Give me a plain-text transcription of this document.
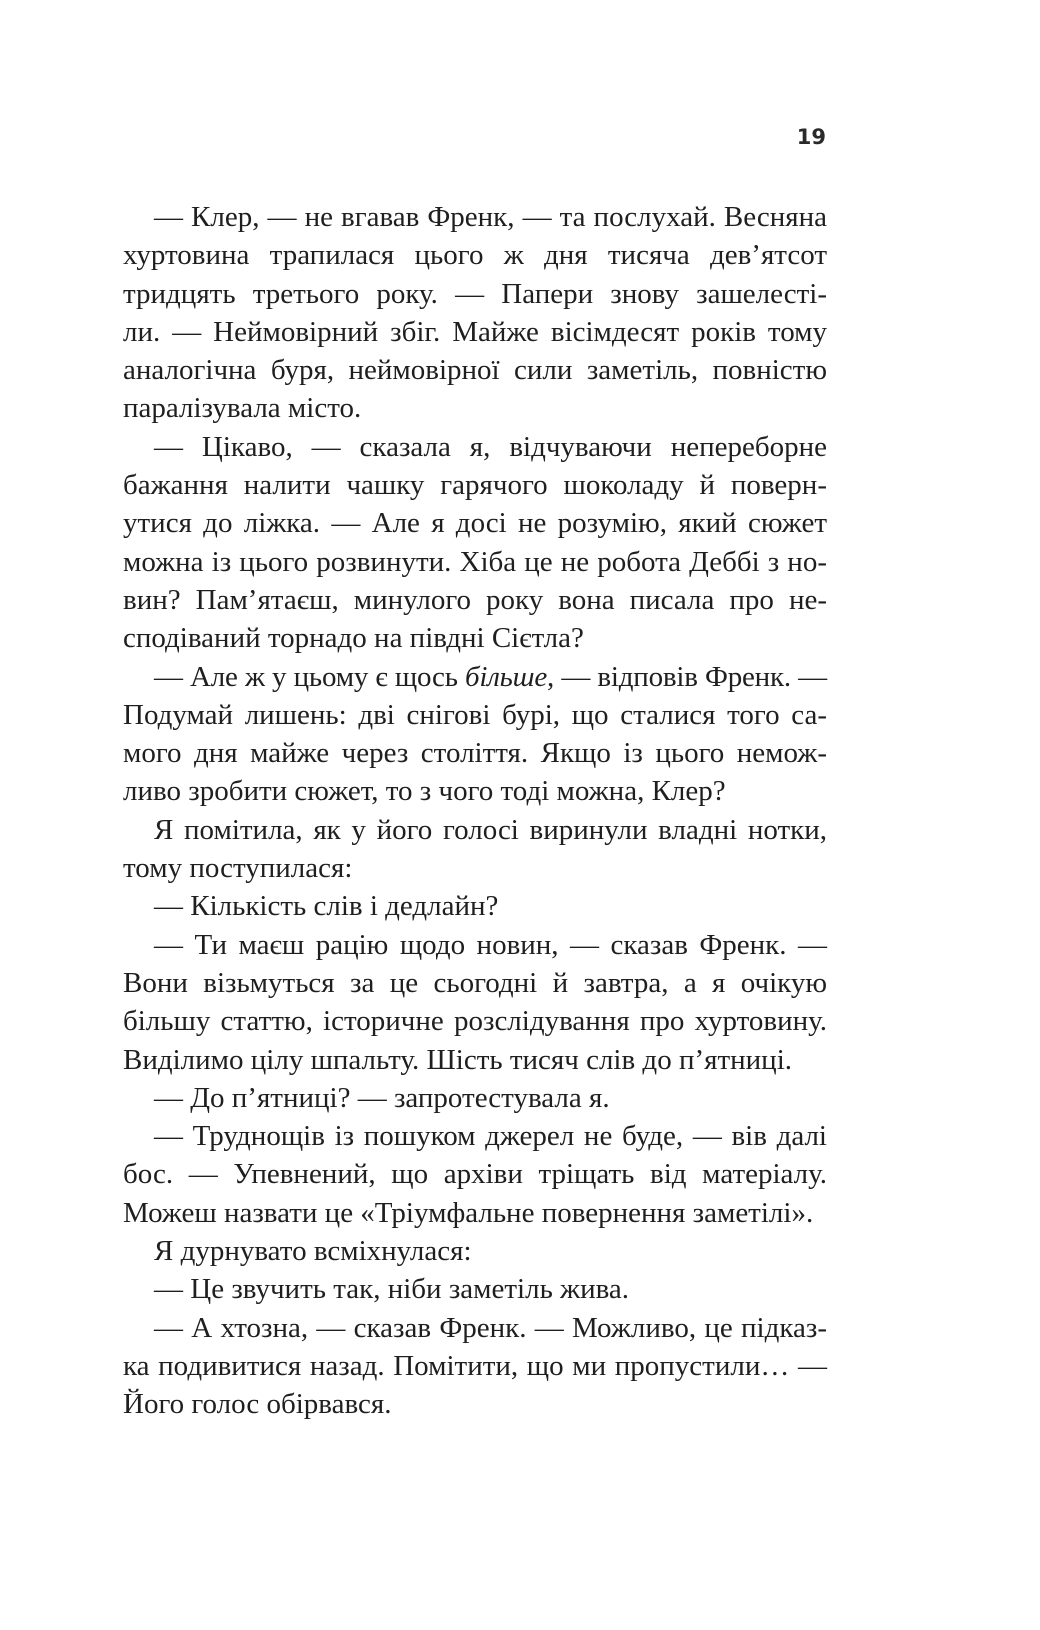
19
— Клер, — не вгавав Френк, — та послухай. Весняна
хуртовина трапилася цього ж дня тисяча дев’ятсот
тридцять третього року. — Папери знову зашелесті-
ли. — Неймовірний збіг. Майже вісімдесят років тому
аналогічна буря, неймовірної сили заметіль, повністю
паралізувала місто.
— Цікаво, — сказала я, відчуваючи непереборне
бажання налити чашку гарячого шоколаду й поверн-
утися до ліжка. — Але я досі не розумію, який сюжет
можна із цього розвинути. Хіба це не робота Деббі з но-
вин? Пам’ятаєш, минулого року вона писала про не-
сподіваний торнадо на півдні Сієтла?
— Але ж у цьому є щось більше, — відповів Френк. —
Подумай лишень: дві снігові бурі, що сталися того са-
мого дня майже через століття. Якщо із цього немож-
ливо зробити сюжет, то з чого тоді можна, Клер?
Я помітила, як у його голосі виринули владні нотки,
тому поступилася:
— Кількість слів і дедлайн?
— Ти маєш рацію щодо новин, — сказав Френк. —
Вони візьмуться за це сьогодні й завтра, а я очікую
більшу статтю, історичне розслідування про хуртовину.
Виділимо цілу шпальту. Шість тисяч слів до п’ятниці.
— До п’ятниці? — запротестувала я.
— Труднощів із пошуком джерел не буде, — вів далі
бос. — Упевнений, що архіви тріщать від матеріалу.
Можеш назвати це «Тріумфальне повернення заметілі».
Я дурнувато всміхнулася:
— Це звучить так, ніби заметіль жива.
— А хтозна, — сказав Френк. — Можливо, це підказ-
ка подивитися назад. Помітити, що ми пропустили… —
Його голос обірвався.
